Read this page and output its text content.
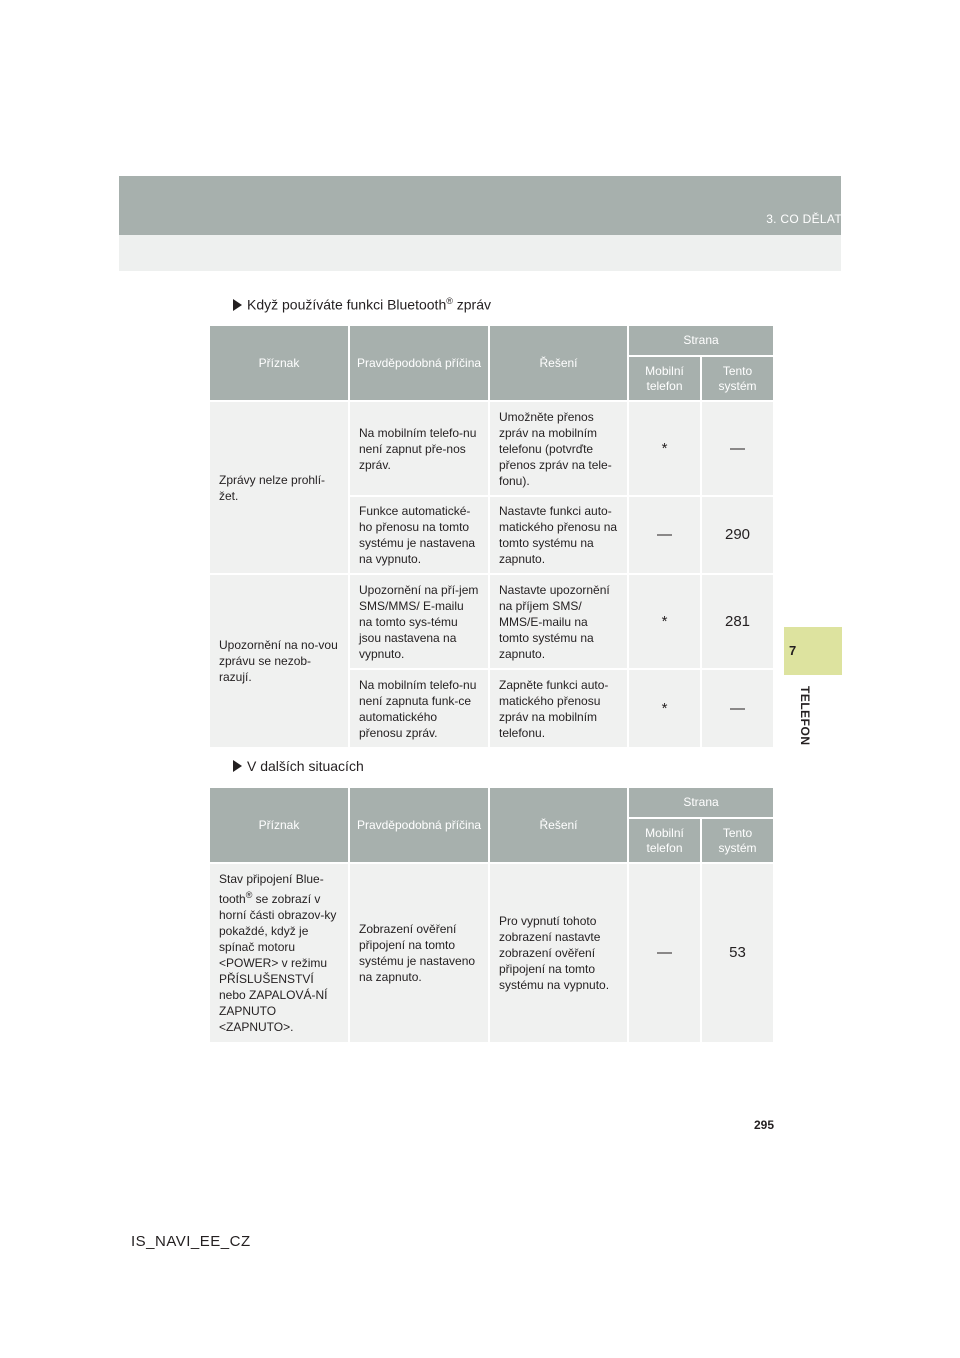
3. CO DĚLAT, KDYŽ...
7
TELEFON
Když používáte funkci Bluetooth® zpráv
Příznak	Pravděpodobná příčina	Řešení	Strana	
			Mobilní telefon	Tento systém
Zprávy nelze prohlí-žet.	Na mobilním telefo-nu není zapnut pře-nos zpráv.	Umožněte přenos zpráv na mobilním telefonu (potvrďte přenos zpráv na tele-fonu).	*	—
	Funkce automatické-ho přenosu na tomto systému je nastavena na vypnuto.	Nastavte funkci auto-matického přenosu na tomto systému na zapnuto.	—	290
Upozornění na no-vou zprávu se nezob-razují.	Upozornění na pří-jem SMS/MMS/ E-mailu na tomto sys-tému jsou nastavena na vypnuto.	Nastavte upozornění na příjem SMS/ MMS/E-mailu na tomto systému na zapnuto.	*	281
	Na mobilním telefo-nu není zapnuta funk-ce automatického přenosu zpráv.	Zapněte funkci auto-matického přenosu zpráv na mobilním telefonu.	*	—
V dalších situacích
Příznak	Pravděpodobná příčina	Řešení	Strana	
			Mobilní telefon	Tento systém
Stav připojení Blue-tooth® se zobrazí v horní části obrazov-ky pokaždé, když je spínač motoru <POWER> v režimu PŘÍSLUŠENSTVÍ nebo ZAPALOVÁ-NÍ ZAPNUTO <ZAPNUTO>.	Zobrazení ověření připojení na tomto systému je nastaveno na zapnuto.	Pro vypnutí tohoto zobrazení nastavte zobrazení ověření připojení na tomto systému na vypnuto.	—	53
295
IS_NAVI_EE_CZ
